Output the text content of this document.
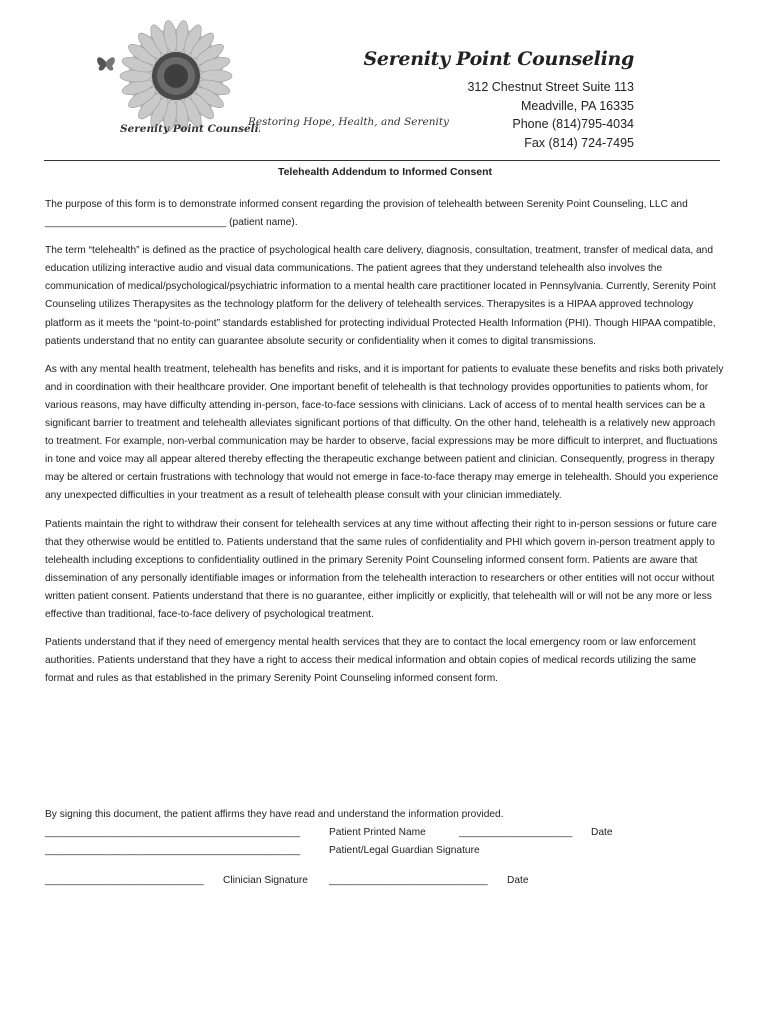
Serenity Point Counseling
Restoring Hope, Health, and Serenity
Serenity Point Counseling
312 Chestnut Street Suite 113
Meadville, PA 16335
Phone (814)795-4034
Fax (814) 724-7495
Telehealth Addendum to Informed Consent

The purpose of this form is to demonstrate informed consent regarding the provision of telehealth between Serenity Point Counseling, LLC and ________________________________ (patient name).

The term “telehealth” is defined as the practice of psychological health care delivery, diagnosis, consultation, treatment, transfer of medical data, and education utilizing interactive audio and visual data communications. The patient agrees that they understand telehealth also involves the communication of medical/psychological/psychiatric information to a mental health care practitioner located in Pennsylvania. Currently, Serenity Point Counseling utilizes Therapysites as the technology platform for the delivery of telehealth services. Therapysites is a HIPAA approved technology platform as it meets the “point-to-point” standards established for protecting individual Protected Health Information (PHI). Though HIPAA compatible, patients understand that no entity can guarantee absolute security or confidentiality when it comes to digital transmissions.

As with any mental health treatment, telehealth has benefits and risks, and it is important for patients to evaluate these benefits and risks both privately and in coordination with their healthcare provider. One important benefit of telehealth is that technology provides opportunities to patients whom, for various reasons, may have difficulty attending in-person, face-to-face sessions with clinicians. Lack of access of to mental health services can be a significant barrier to treatment and telehealth alleviates significant portions of that difficulty. On the other hand, telehealth is a relatively new approach to treatment. For example, non-verbal communication may be harder to observe, facial expressions may be more difficult to interpret, and fluctuations in tone and voice may all appear altered thereby effecting the therapeutic exchange between patient and clinician. Consequently, progress in therapy may be altered or certain frustrations with technology that would not emerge in face-to-face therapy may emerge in telehealth. Should you experience any unexpected difficulties in your treatment as a result of telehealth please consult with your clinician immediately.

Patients maintain the right to withdraw their consent for telehealth services at any time without affecting their right to in-person sessions or future care that they otherwise would be entitled to. Patients understand that the same rules of confidentiality and PHI which govern in-person treatment apply to telehealth including exceptions to confidentiality outlined in the primary Serenity Point Counseling informed consent form. Patients are aware that dissemination of any personally identifiable images or information from the telehealth interaction to researchers or other entities will not occur without written patient consent. Patients understand that there is no guarantee, either implicitly or explicitly, that telehealth will or will not be any more or less effective than traditional, face-to-face delivery of psychological treatment.

Patients understand that if they need of emergency mental health services that they are to contact the local emergency room or law enforcement authorities. Patients understand that they have a right to access their medical information and obtain copies of medical records utilizing the same format and rules as that established in the primary Serenity Point Counseling informed consent form.

By signing this document, the patient affirms they have read and understand the information provided.

_____________________________________________	Patient Printed Name	____________________ Date
_____________________________________________	Patient/Legal Guardian Signature
____________________________ Clinician Signature ____________________________ Date
